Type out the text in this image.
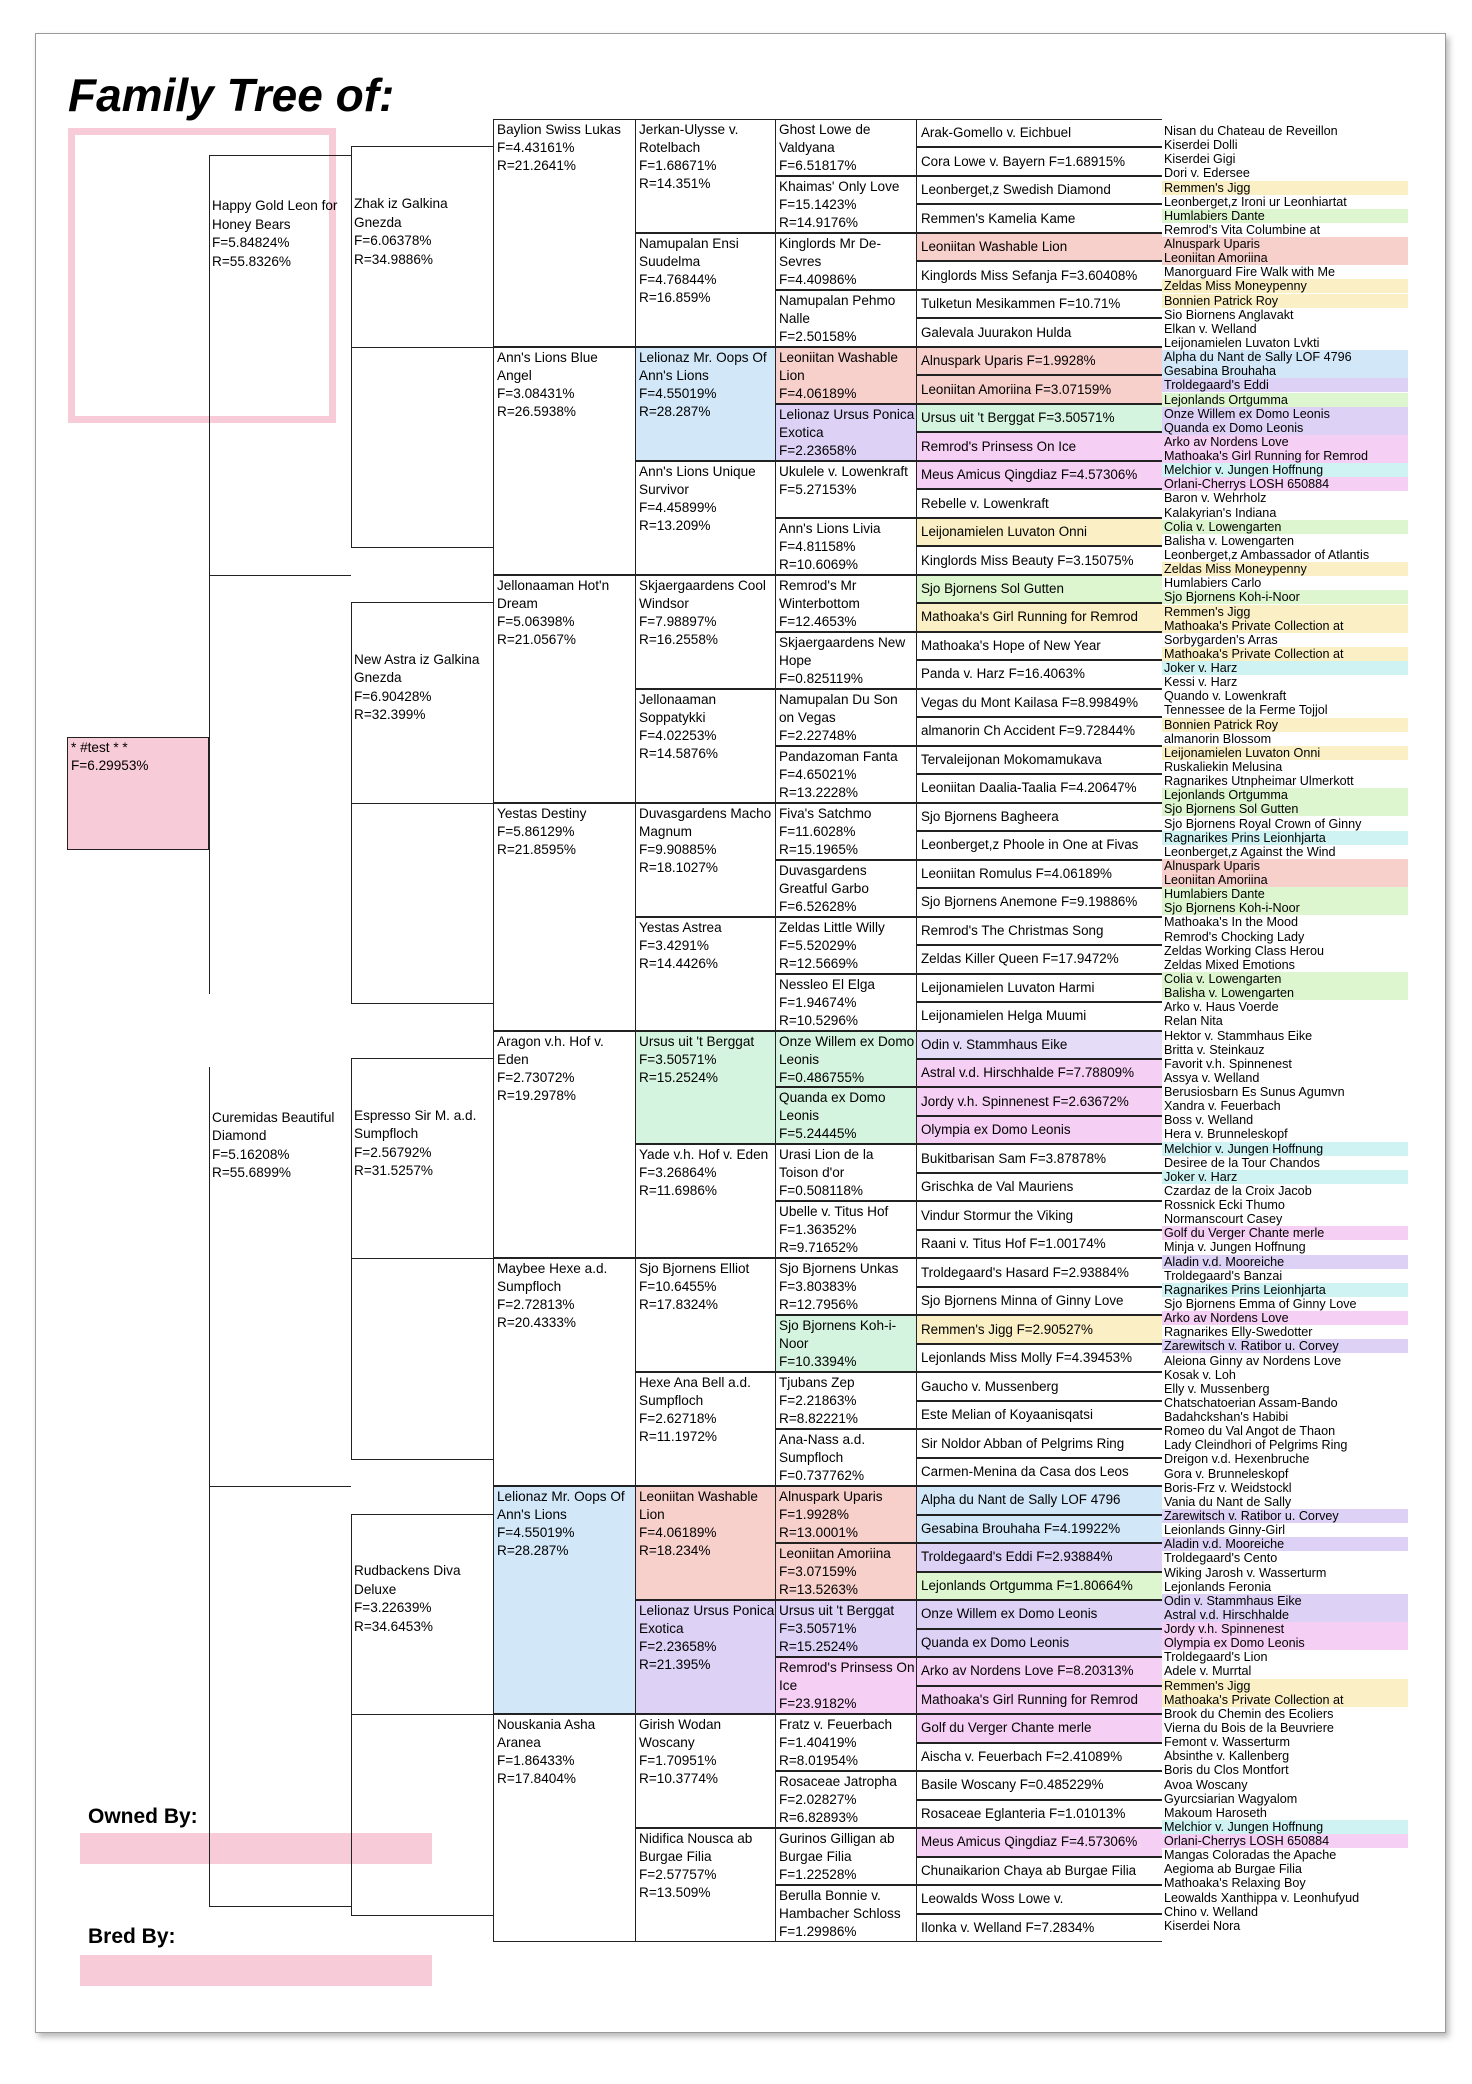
Family Tree of:
Owned By:
Bred By:
* #test * *
F=6.29953%
Happy Gold Leon for Honey Bears
F=5.84824%
R=55.8326%
Curemidas Beautiful Diamond
F=5.16208%
R=55.6899%
Zhak iz Galkina Gnezda
F=6.06378%
R=34.9886%
New Astra iz Galkina Gnezda
F=6.90428%
R=32.399%
Espresso Sir M. a.d. Sumpfloch
F=2.56792%
R=31.5257%
Rudbackens Diva Deluxe
F=3.22639%
R=34.6453%
Baylion Swiss Lukas
F=4.43161%
R=21.2641%
Ann's Lions Blue Angel
F=3.08431%
R=26.5938%
Jellonaaman Hot'n Dream
F=5.06398%
R=21.0567%
Yestas Destiny
F=5.86129%
R=21.8595%
Aragon v.h. Hof v. Eden
F=2.73072%
R=19.2978%
Maybee Hexe a.d. Sumpfloch
F=2.72813%
R=20.4333%
Lelionaz Mr. Oops Of Ann's Lions
F=4.55019%
R=28.287%
Nouskania Asha Aranea
F=1.86433%
R=17.8404%
Jerkan-Ulysse v. Rotelbach
F=1.68671%
R=14.351%
Namupalan Ensi Suudelma
F=4.76844%
R=16.859%
Lelionaz Mr. Oops Of Ann's Lions
F=4.55019%
R=28.287%
Ann's Lions Unique Survivor
F=4.45899%
R=13.209%
Skjaergaardens Cool Windsor
F=7.98897%
R=16.2558%
Jellonaaman Soppatykki
F=4.02253%
R=14.5876%
Duvasgardens Macho Magnum
F=9.90885%
R=18.1027%
Yestas Astrea
F=3.4291%
R=14.4426%
Ursus uit 't Berggat
F=3.50571%
R=15.2524%
Yade v.h. Hof v. Eden
F=3.26864%
R=11.6986%
Sjo Bjornens Elliot
F=10.6455%
R=17.8324%
Hexe Ana Bell a.d. Sumpfloch
F=2.62718%
R=11.1972%
Leoniitan Washable Lion
F=4.06189%
R=18.234%
Lelionaz Ursus Ponica Exotica
F=2.23658%
R=21.395%
Girish Wodan Woscany
F=1.70951%
R=10.3774%
Nidifica Nousca ab Burgae Filia
F=2.57757%
R=13.509%
Ghost Lowe de Valdyana
F=6.51817%
Khaimas' Only Love
F=15.1423%
R=14.9176%
Kinglords Mr De-Sevres
F=4.40986%
Namupalan Pehmo Nalle
F=2.50158%
Leoniitan Washable Lion
F=4.06189%
Lelionaz Ursus Ponica Exotica
F=2.23658%
Ukulele v. Lowenkraft
F=5.27153%
Ann's Lions Livia
F=4.81158%
R=10.6069%
Remrod's Mr Winterbottom
F=12.4653%
Skjaergaardens New Hope
F=0.825119%
Namupalan Du Son on Vegas
F=2.22748%
Pandazoman Fanta
F=4.65021%
R=13.2228%
Fiva's Satchmo
F=11.6028%
R=15.1965%
Duvasgardens Greatful Garbo
F=6.52628%
Zeldas Little Willy
F=5.52029%
R=12.5669%
Nessleo El Elga
F=1.94674%
R=10.5296%
Onze Willem ex Domo Leonis
F=0.486755%
Quanda ex Domo Leonis
F=5.24445%
Urasi Lion de la Toison d'or
F=0.508118%
Ubelle v. Titus Hof
F=1.36352%
R=9.71652%
Sjo Bjornens Unkas
F=3.80383%
R=12.7956%
Sjo Bjornens Koh-i-Noor
F=10.3394%
Tjubans Zep
F=2.21863%
R=8.82221%
Ana-Nass a.d. Sumpfloch
F=0.737762%
Alnuspark Uparis
F=1.9928%
R=13.0001%
Leoniitan Amoriina
F=3.07159%
R=13.5263%
Ursus uit 't Berggat
F=3.50571%
R=15.2524%
Remrod's Prinsess On Ice
F=23.9182%
Fratz v. Feuerbach
F=1.40419%
R=8.01954%
Rosaceae Jatropha
F=2.02827%
R=6.82893%
Gurinos Gilligan ab Burgae Filia
F=1.22528%
Berulla Bonnie v. Hambacher Schloss
F=1.29986%
Arak-Gomello v. Eichbuel
Cora Lowe v. Bayern F=1.68915%
Leonberget,z Swedish Diamond
Remmen's Kamelia Kame
Leoniitan Washable Lion
Kinglords Miss Sefanja F=3.60408%
Tulketun Mesikammen F=10.71%
Galevala Juurakon Hulda
Alnuspark Uparis F=1.9928%
Leoniitan Amoriina F=3.07159%
Ursus uit 't Berggat F=3.50571%
Remrod's Prinsess On Ice
Meus Amicus Qingdiaz F=4.57306%
Rebelle v. Lowenkraft
Leijonamielen Luvaton Onni
Kinglords Miss Beauty F=3.15075%
Sjo Bjornens Sol Gutten
Mathoaka's Girl Running for Remrod
Mathoaka's Hope of New Year
Panda v. Harz F=16.4063%
Vegas du Mont Kailasa F=8.99849%
almanorin Ch Accident F=9.72844%
Tervaleijonan Mokomamukava
Leoniitan Daalia-Taalia F=4.20647%
Sjo Bjornens Bagheera
Leonberget,z Phoole in One at Fivas
Leoniitan Romulus F=4.06189%
Sjo Bjornens Anemone F=9.19886%
Remrod's The Christmas Song
Zeldas Killer Queen F=17.9472%
Leijonamielen Luvaton Harmi
Leijonamielen Helga Muumi
Odin v. Stammhaus Eike
Astral v.d. Hirschhalde F=7.78809%
Jordy v.h. Spinnenest F=2.63672%
Olympia ex Domo Leonis
Bukitbarisan Sam F=3.87878%
Grischka de Val Mauriens
Vindur Stormur the Viking
Raani v. Titus Hof F=1.00174%
Troldegaard's Hasard F=2.93884%
Sjo Bjornens Minna of Ginny Love
Remmen's Jigg F=2.90527%
Lejonlands Miss Molly F=4.39453%
Gaucho v. Mussenberg
Este Melian of Koyaanisqatsi
Sir Noldor Abban of Pelgrims Ring
Carmen-Menina da Casa dos Leos
Alpha du Nant de Sally LOF 4796
Gesabina Brouhaha F=4.19922%
Troldegaard's Eddi F=2.93884%
Lejonlands Ortgumma F=1.80664%
Onze Willem ex Domo Leonis
Quanda ex Domo Leonis
Arko av Nordens Love F=8.20313%
Mathoaka's Girl Running for Remrod
Golf du Verger Chante merle
Aischa v. Feuerbach F=2.41089%
Basile Woscany F=0.485229%
Rosaceae Eglanteria F=1.01013%
Meus Amicus Qingdiaz F=4.57306%
Chunaikarion Chaya ab Burgae Filia
Leowalds Woss Lowe v.
Ilonka v. Welland F=7.2834%
Nisan du Chateau de Reveillon
Kiserdei Dolli
Kiserdei Gigi
Dori v. Edersee
Remmen's Jigg
Leonberget,z Ironi ur Leonhiartat
Humlabiers Dante
Remrod's Vita Columbine at
Alnuspark Uparis
Leoniitan Amoriina
Manorguard Fire Walk with Me
Zeldas Miss Moneypenny
Bonnien Patrick Roy
Sio Biornens Anglavakt
Elkan v. Welland
Leijonamielen Luvaton Lvkti
Alpha du Nant de Sally LOF 4796
Gesabina Brouhaha
Troldegaard's Eddi
Lejonlands Ortgumma
Onze Willem ex Domo Leonis
Quanda ex Domo Leonis
Arko av Nordens Love
Mathoaka's Girl Running for Remrod
Melchior v. Jungen Hoffnung
Orlani-Cherrys LOSH 650884
Baron v. Wehrholz
Kalakyrian's Indiana
Colia v. Lowengarten
Balisha v. Lowengarten
Leonberget,z Ambassador of Atlantis
Zeldas Miss Moneypenny
Humlabiers Carlo
Sjo Bjornens Koh-i-Noor
Remmen's Jigg
Mathoaka's Private Collection at
Sorbygarden's Arras
Mathoaka's Private Collection at
Joker v. Harz
Kessi v. Harz
Quando v. Lowenkraft
Tennessee de la Ferme Tojjol
Bonnien Patrick Roy
almanorin Blossom
Leijonamielen Luvaton Onni
Ruskaliekin Melusina
Ragnarikes Utnpheimar Ulmerkott
Lejonlands Ortgumma
Sjo Bjornens Sol Gutten
Sjo Bjornens Royal Crown of Ginny
Ragnarikes Prins Leionhjarta
Leonberget,z Against the Wind
Alnuspark Uparis
Leoniitan Amoriina
Humlabiers Dante
Sjo Bjornens Koh-i-Noor
Mathoaka's In the Mood
Remrod's Chocking Lady
Zeldas Working Class Herou
Zeldas Mixed Emotions
Colia v. Lowengarten
Balisha v. Lowengarten
Arko v. Haus Voerde
Relan Nita
Hektor v. Stammhaus Eike
Britta v. Steinkauz
Favorit v.h. Spinnenest
Assya v. Welland
Berusiosbarn Es Sunus Agumvn
Xandra v. Feuerbach
Boss v. Welland
Hera v. Brunneleskopf
Melchior v. Jungen Hoffnung
Desiree de la Tour Chandos
Joker v. Harz
Czardaz de la Croix Jacob
Rossnick Ecki Thumo
Normanscourt Casey
Golf du Verger Chante merle
Minja v. Jungen Hoffnung
Aladin v.d. Mooreiche
Troldegaard's Banzai
Ragnarikes Prins Leionhjarta
Sjo Bjornens Emma of Ginny Love
Arko av Nordens Love
Ragnarikes Elly-Swedotter
Zarewitsch v. Ratibor u. Corvey
Aleiona Ginny av Nordens Love
Kosak v. Loh
Elly v. Mussenberg
Chatschatoerian Assam-Bando
Badahckshan's Habibi
Romeo du Val Angot de Thaon
Lady Cleindhori of Pelgrims Ring
Dreigon v.d. Hexenbruche
Gora v. Brunneleskopf
Boris-Frz v. Weidstockl
Vania du Nant de Sally
Zarewitsch v. Ratibor u. Corvey
Leionlands Ginny-Girl
Aladin v.d. Mooreiche
Troldegaard's Cento
Wiking Jarosh v. Wasserturm
Lejonlands Feronia
Odin v. Stammhaus Eike
Astral v.d. Hirschhalde
Jordy v.h. Spinnenest
Olympia ex Domo Leonis
Troldegaard's Lion
Adele v. Murrtal
Remmen's Jigg
Mathoaka's Private Collection at
Brook du Chemin des Ecoliers
Vierna du Bois de la Beuvriere
Femont v. Wasserturm
Absinthe v. Kallenberg
Boris du Clos Montfort
Avoa Woscany
Gyurcsiarian Wagyalom
Makoum Haroseth
Melchior v. Jungen Hoffnung
Orlani-Cherrys LOSH 650884
Mangas Coloradas the Apache
Aegioma ab Burgae Filia
Mathoaka's Relaxing Boy
Leowalds Xanthippa v. Leonhufyud
Chino v. Welland
Kiserdei Nora
